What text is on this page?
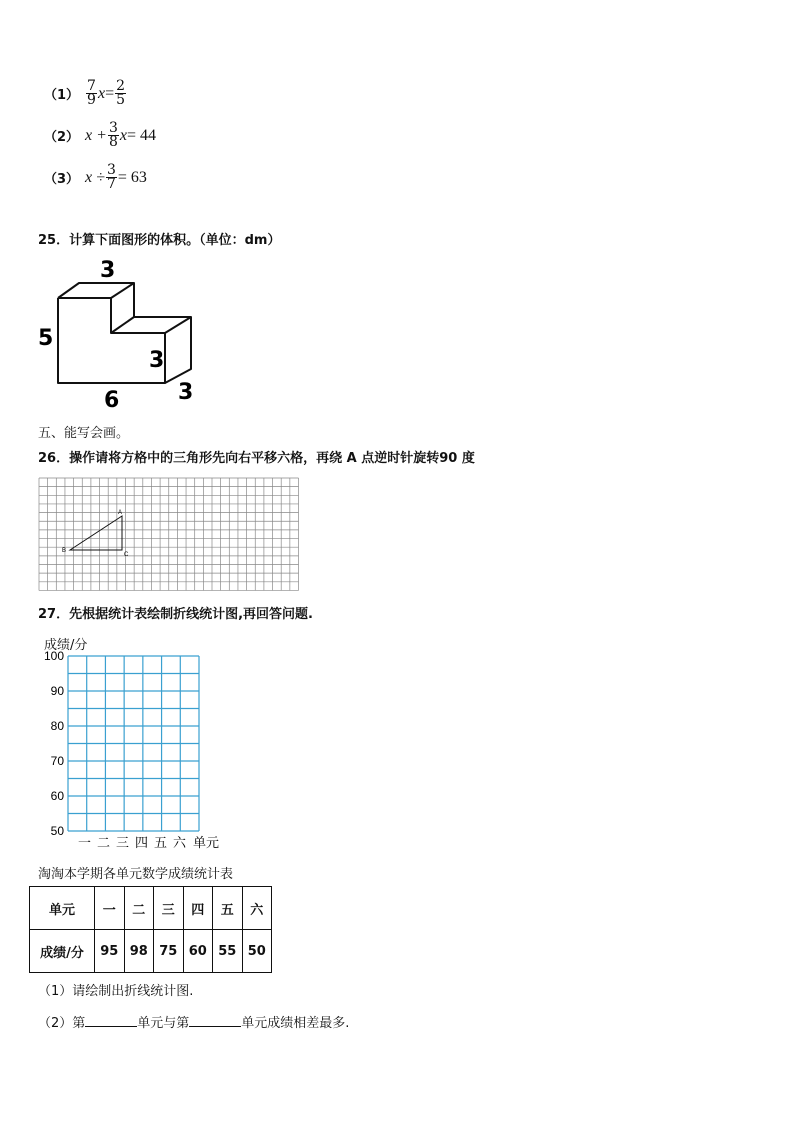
$(1) \frac{7}{9}$ $x = \frac{2}{5}$
（2） $x + \frac{3}{8}$ x = 44
（3） $x \div \frac{3}{7} = 63$
25．计算下面图形的体积。（单位：dm）
3
5
3
6	3
五、能写会画。
26．操作请将方格中的三角形先向右平移六格，再绕 A 点逆时针旋转90 度
A
B
C
27．先根据统计表绘制折线统计图,再回答问题.
成绩/分
100
90
80
70
60
50
一 二 三 四 五 六 单元
淘淘本学期各单元数学成绩统计表
单元	一	二	三	四	五	六
成绩/分	95	98	75	60	55	50
（1）请绘制出折线统计图.
（2）第	单元与第	单元成绩相差最多.
